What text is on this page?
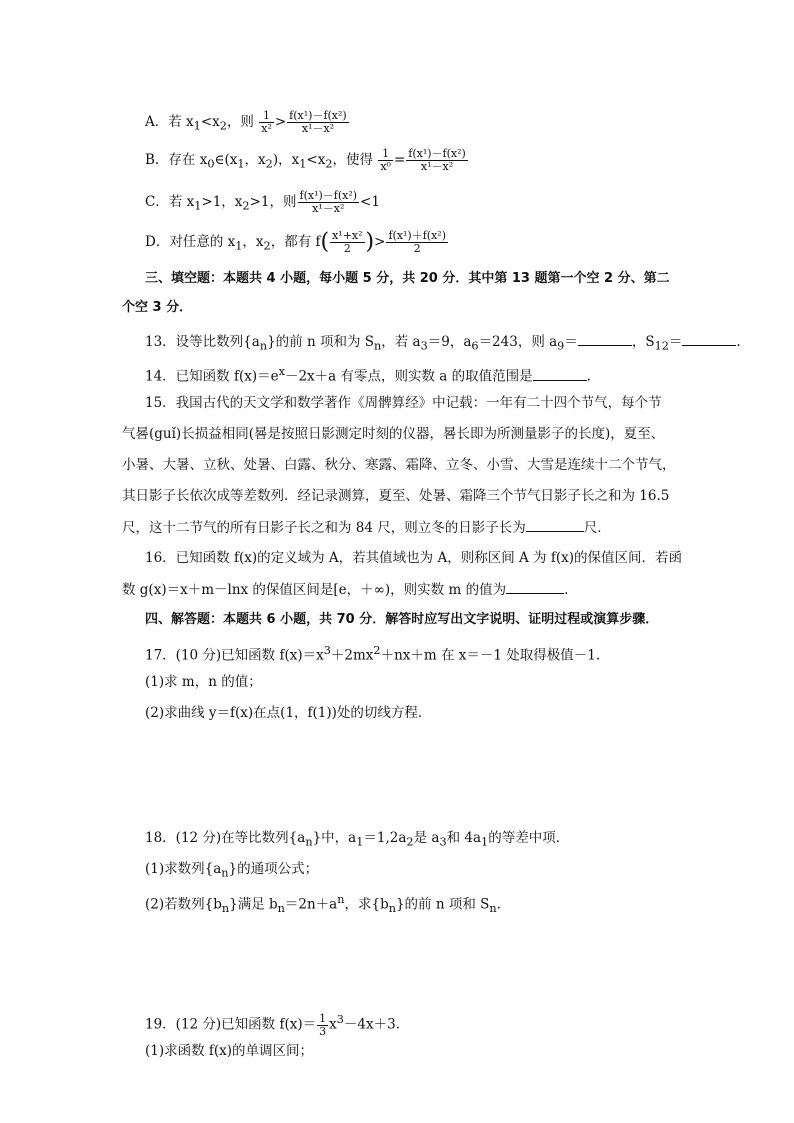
A．若 $x_1<x_2$，则 $\frac{1}{\text{x²}} > \frac{\text{f(x¹)－f(x²)}}{\text{x¹－x²}}$
B．存在 $x_0\in(x_1$，$x_2$)，$x_1<x_2$，使得 $\frac{1}{\text{x⁰}} = \frac{\text{f(x¹)－f(x²)}}{\text{x¹－x²}}$
C．若 $x_1>1$，$x_2>1$，则 $\frac{\text{f(x¹)－f(x²)}}{\text{x¹－x²}} <1$
D．对任意的 $x_1$，$x_2$，都有 $f( \frac{\text{x¹+x²}}{2}$ )> $\frac{\text{f(x¹)＋f(x²)}}{2}$
三、填空题：本题共 4 小题，每小题 5 分，共 20 分．其中第 13 题第一个空 2 分、第二
个空 3 分．
13．设等比数列$\{a_n\}$的前 n 项和为 $S_n$，若 $a_3=9$，$a_6=243$，则 $a_9=$	，$S_{12}=$	.
14．已知函数 $f(x)=e^x-2x+a$ 有零点，则实数 a 的取值范围是	.
15．我国古代的天文学和数学著作《周髀算经》中记载：一年有二十四个节气，每个节
气晷(guǐ)长损益相同(晷是按照日影测定时刻的仪器，晷长即为所测量影子的长度)，夏至、
小暑、大暑、立秋、处暑、白露、秋分、寒露、霜降、立冬、小雪、大雪是连续十二个节气，
其日影子长依次成等差数列．经记录测算，夏至、处暑、霜降三个节气日影子长之和为 16.5
尺，这十二节气的所有日影子长之和为 84 尺，则立冬的日影子长为	尺．
16．已知函数 f(x)的定义域为 A，若其值域也为 A，则称区间 A 为 f(x)的保值区间．若函
数 g(x)＝x＋m－lnx 的保值区间是[e，＋∞)，则实数 m 的值为	.
四、解答题：本题共 6 小题，共 70 分．解答时应写出文字说明、证明过程或演算步骤．
17．(10 分)已知函数 $f(x)=x^3+2mx^2+nx+m$ 在 x＝－1 处取得极值－1.
(1)求 m，n 的值；
(2)求曲线 y＝f(x)在点(1，f(1))处的切线方程．
18．(12 分)在等比数列$\{a_n\}$中，$a_1=1,2a_2$是 $a_3$和 $4a_1$的等差中项．
(1)求数列$\{a_n\}$的通项公式；
(2)若数列$\{b_n\}$满足 $b_n=2n+a^n$，求$\{b_n\}$的前 n 项和 $S_n$.
19．(12 分)已知函数 $f(x)= \frac{1}{3} x^3-4x+3$.
(1)求函数 f(x)的单调区间；
